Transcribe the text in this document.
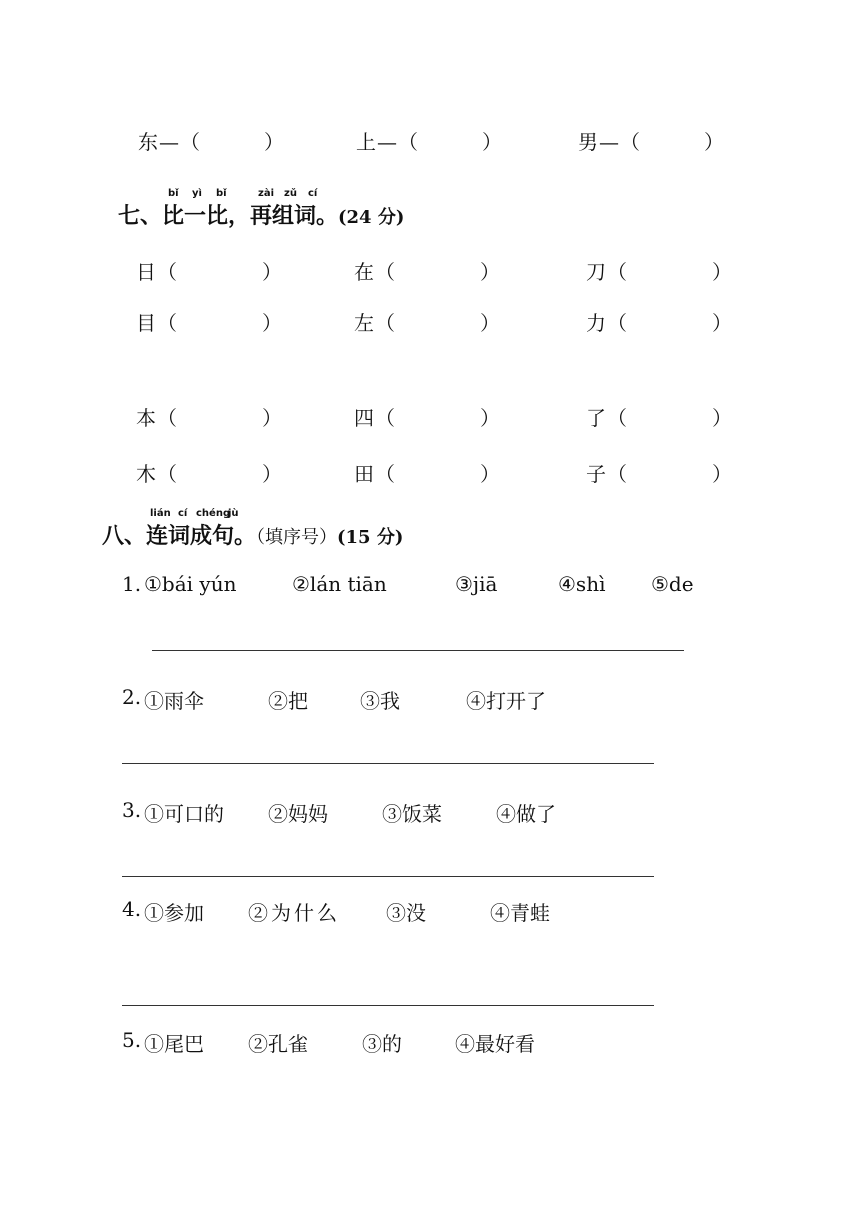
东—（　　　）	上—（　　　）	男—（　　　）
bǐ yì bǐ	zài zǔ cí
七、比一比，再组词。(24 分)
日（　　　　）	在（　　　　）	刀（　　　　）
目（　　　　）	左（　　　　）	力（　　　　）
本（　　　　）	四（　　　　）	了（　　　　）
木（　　　　）	田（　　　　）	子（　　　　）
lián cí chéng
jù
八、连词成句。（填序号）(15 分)
1. ①bái yún	②lán tiān	③jiā	④shì ⑤de
2. ①雨伞	②把	③我	④打开了
3. ①可口的 ②妈妈	③饭菜	④做了
4. ①参加 ②为什么 ③没	④青蛙
5. ①尾巴 ②孔雀	③的	④最好看
